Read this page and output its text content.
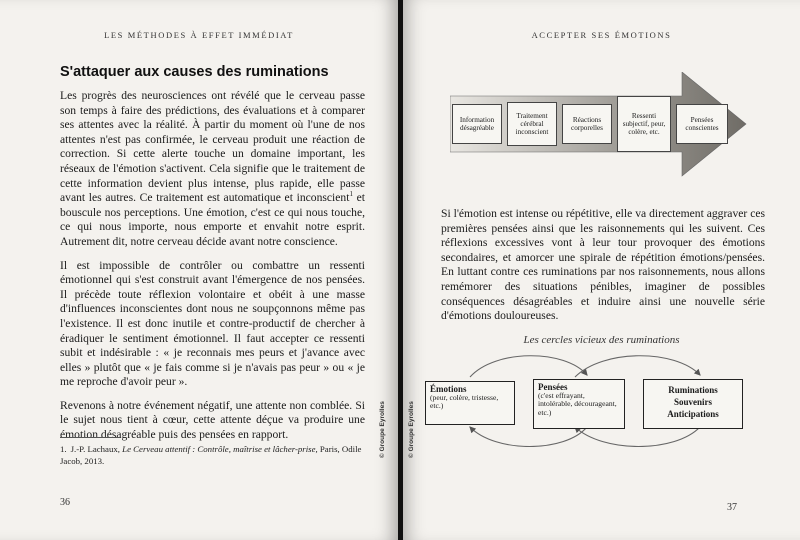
LES MÉTHODES À EFFET IMMÉDIAT
S'attaquer aux causes des ruminations

Les progrès des neurosciences ont révélé que le cerveau passe son temps à faire des prédictions, des évaluations et à comparer ses attentes avec la réalité. À partir du moment où l'une de nos attentes n'est pas confirmée, le cerveau produit une réaction de correction. Si cette alerte touche un domaine important, les réseaux de l'émotion s'activent. Cela signifie que le traitement de cette information devient plus intense, plus rapide, elle passe avant les autres. Ce traitement est automatique et inconscient$^1$ et bouscule nos perceptions. Une émotion, c'est ce qui nous touche, ce qui nous importe, nous emporte et envahit notre esprit. Autrement dit, notre cerveau décide avant notre conscience.

Il est impossible de contrôler ou combattre un ressenti émotionnel qui s'est construit avant l'émergence de nos pensées. Il précède toute réflexion volontaire et obéit à une masse d'influences inconscientes dont nous ne soupçonnons même pas l'existence. Il est donc inutile et contre-productif de chercher à éradiquer le sentiment émotionnel. Il faut accepter ce ressenti subit et indésirable : « je reconnais mes peurs et j'avance avec elles » plutôt que « je fais comme si je n'avais pas peur » ou « je me reproche d'avoir peur ».

Revenons à notre événement négatif, une attente non comblée. Si le sujet nous tient à cœur, cette attente déçue va produire une émotion désagréable puis des pensées en rapport.

1. J.-P. Lachaux, Le Cerveau attentif : Contrôle, maîtrise et lâcher-prise, Paris, Odile Jacob, 2013.
© Groupe Eyrolles
36
ACCEPTER SES ÉMOTIONS
Information désagréable
Traitement cérébral inconscient
Réactions corporelles
Ressenti subjectif, peur, colère, etc.
Pensées conscientes

Si l'émotion est intense ou répétitive, elle va directement aggraver ces premières pensées ainsi que les raisonnements qui les suivent. Ces réflexions excessives vont à leur tour provoquer des émotions secondaires, et amorcer une spirale de répétition émotions/pensées. En luttant contre ces ruminations par nos raisonnements, nous allons remémorer des situations pénibles, imaginer de possibles conséquences désagréables et induire ainsi une nouvelle série d'émotions douloureuses.

Les cercles vicieux des ruminations
Émotions
(peur, colère, tristesse, etc.)
Pensées
(c'est effrayant, intolérable, décourageant, etc.)
Ruminations
Souvenirs
Anticipations
© Groupe Eyrolles
37
